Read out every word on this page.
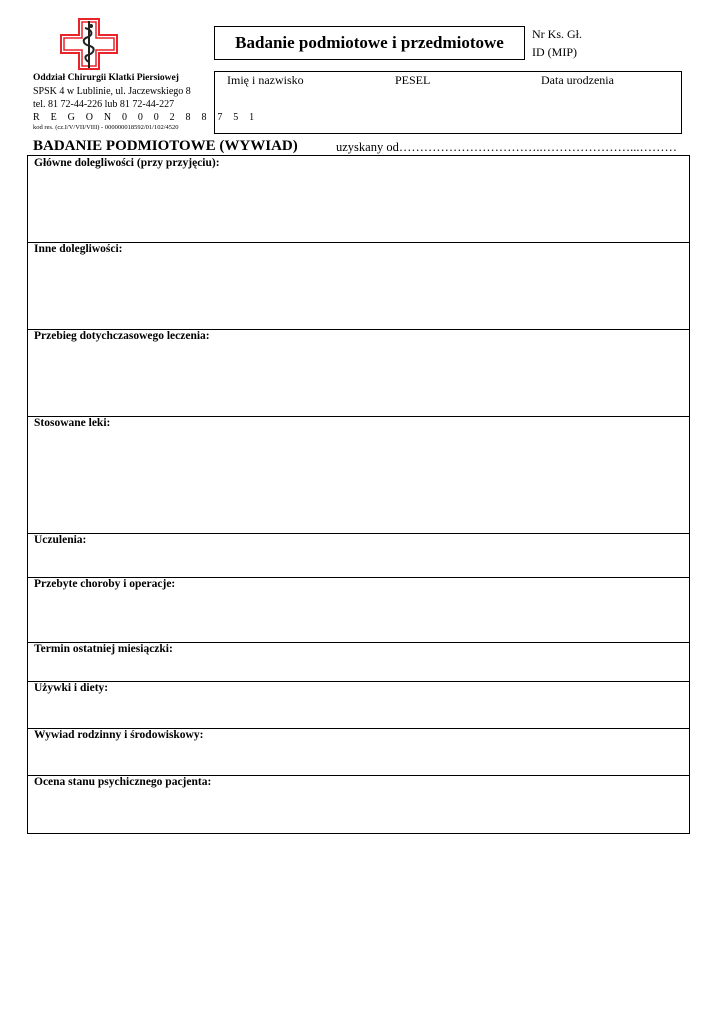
Badanie podmiotowe i przedmiotowe	Nr Ks. Gł.
ID (MIP)
Oddział Chirurgii Klatki Piersiowej
SPSK 4 w Lublinie, ul. Jaczewskiego 8
tel. 81 72-44-226 lub 81 72-44-227
R E G O N 0 0 0 2 8 8 7 5 1
kod res. (cz.I/V/VII/VIII) - 000000018592/01/102/4520
Imię i nazwisko	PESEL	Data urodzenia
BADANIE PODMIOTOWE (WYWIAD)	uzyskany od……………………………..…………………...………
Główne dolegliwości (przy przyjęciu):
Inne dolegliwości:
Przebieg dotychczasowego leczenia:
Stosowane leki:
Uczulenia:
Przebyte choroby i operacje:
Termin ostatniej miesiączki:
Używki i diety:
Wywiad rodzinny i środowiskowy:
Ocena stanu psychicznego pacjenta:
